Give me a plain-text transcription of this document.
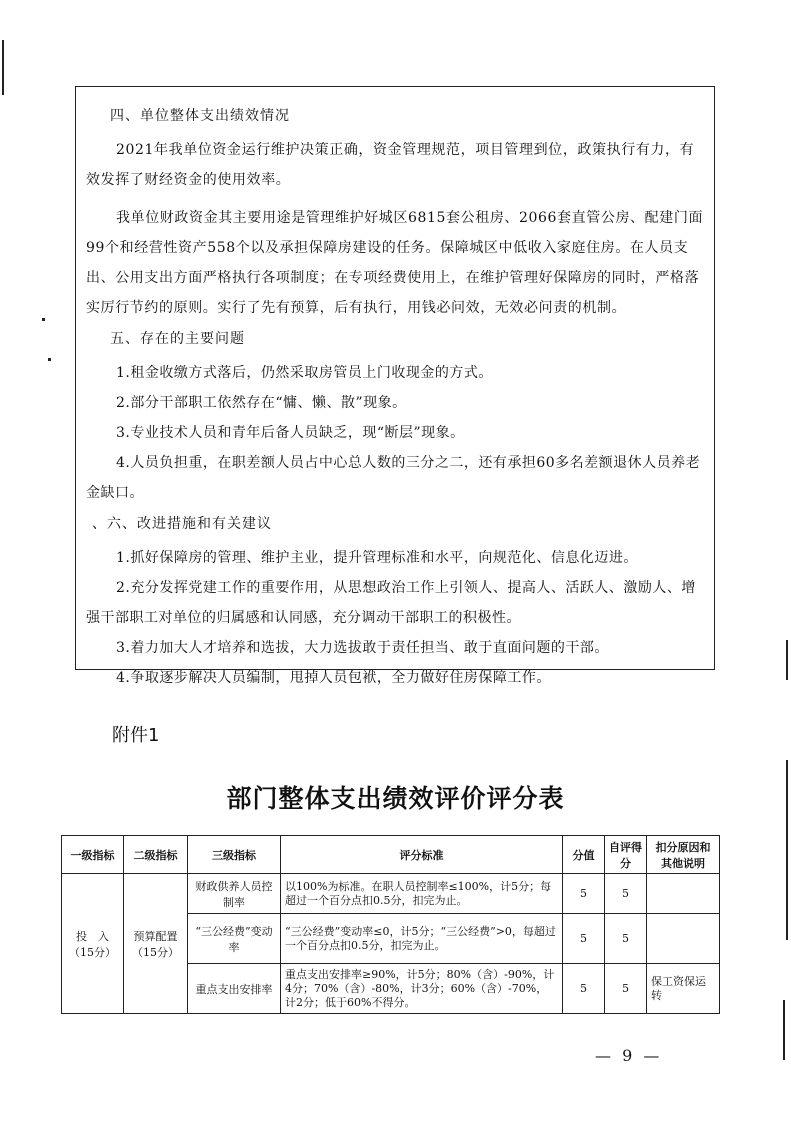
四、单位整体支出绩效情况

2021年我单位资金运行维护决策正确，资金管理规范，项目管理到位，政策执行有力，有效发挥了财经资金的使用效率。

我单位财政资金其主要用途是管理维护好城区6815套公租房、2066套直管公房、配建门面99个和经营性资产558个以及承担保障房建设的任务。保障城区中低收入家庭住房。在人员支出、公用支出方面严格执行各项制度；在专项经费使用上，在维护管理好保障房的同时，严格落实厉行节约的原则。实行了先有预算，后有执行，用钱必问效，无效必问责的机制。

五、存在的主要问题

1.租金收缴方式落后，仍然采取房管员上门收现金的方式。

2.部分干部职工依然存在“慵、懒、散”现象。

3.专业技术人员和青年后备人员缺乏，现“断层”现象。

4.人员负担重，在职差额人员占中心总人数的三分之二，还有承担60多名差额退休人员养老金缺口。

、六、改进措施和有关建议

1.抓好保障房的管理、维护主业，提升管理标准和水平，向规范化、信息化迈进。

2.充分发挥党建工作的重要作用，从思想政治工作上引领人、提高人、活跃人、激励人、增强干部职工对单位的归属感和认同感，充分调动干部职工的积极性。

3.着力加大人才培养和选拔，大力选拔敢于责任担当、敢于直面问题的干部。

4.争取逐步解决人员编制，甩掉人员包袱，全力做好住房保障工作。

附件1
部门整体支出绩效评价评分表
一级指标	二级指标	三级指标	评分标准	分值	自评得分	扣分原因和其他说明
投　入（15分）	预算配置（15分）	财政供养人员控制率	以100%为标准。在职人员控制率≤100%，计5分；每超过一个百分点扣0.5分，扣完为止。	5	5	
		“三公经费”变动率	“三公经费”变动率≤0，计5分；“三公经费”>0，每超过一个百分点扣0.5分，扣完为止。	5	5	
		重点支出安排率	重点支出安排率≥90%，计5分；80%（含）-90%，计4分；70%（含）-80%，计3分；60%（含）-70%，计2分；低于60%不得分。	5	5	保工资保运转
— 9 —
